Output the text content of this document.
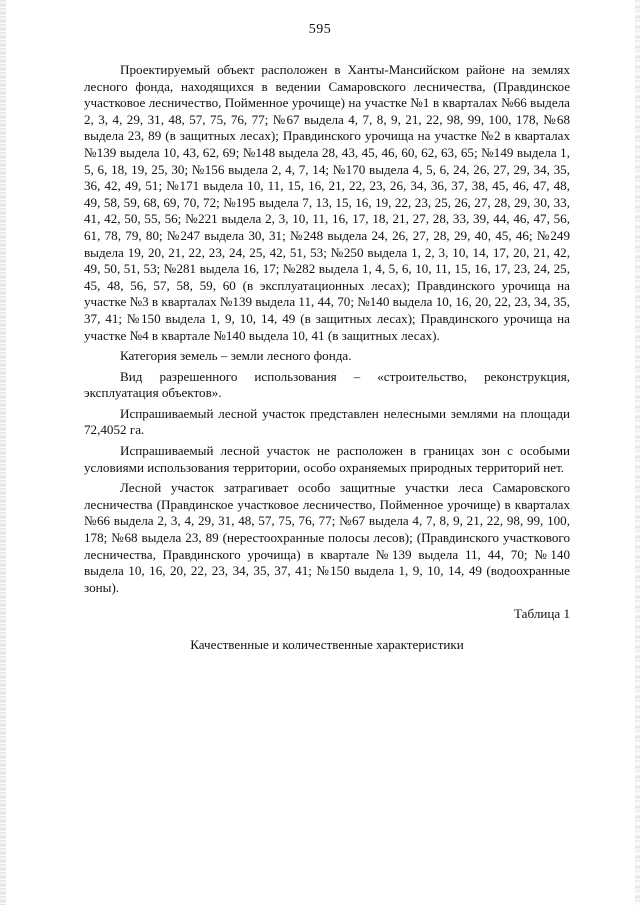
595

Проектируемый объект расположен в Ханты-Мансийском районе на землях лесного фонда, находящихся в ведении Самаровского лесничества, (Правдинское участковое лесничество, Пойменное урочище) на участке №1 в кварталах №66 выдела 2, 3, 4, 29, 31, 48, 57, 75, 76, 77; №67 выдела 4, 7, 8, 9, 21, 22, 98, 99, 100, 178, №68 выдела 23, 89 (в защитных лесах); Правдинского урочища на участке №2 в кварталах №139 выдела 10, 43, 62, 69; №148 выдела 28, 43, 45, 46, 60, 62, 63, 65; №149 выдела 1, 5, 6, 18, 19, 25, 30; №156 выдела 2, 4, 7, 14; №170 выдела 4, 5, 6, 24, 26, 27, 29, 34, 35, 36, 42, 49, 51; №171 выдела 10, 11, 15, 16, 21, 22, 23, 26, 34, 36, 37, 38, 45, 46, 47, 48, 49, 58, 59, 68, 69, 70, 72; №195 выдела 7, 13, 15, 16, 19, 22, 23, 25, 26, 27, 28, 29, 30, 33, 41, 42, 50, 55, 56; №221 выдела 2, 3, 10, 11, 16, 17, 18, 21, 27, 28, 33, 39, 44, 46, 47, 56, 61, 78, 79, 80; №247 выдела 30, 31; №248 выдела 24, 26, 27, 28, 29, 40, 45, 46; №249 выдела 19, 20, 21, 22, 23, 24, 25, 42, 51, 53; №250 выдела 1, 2, 3, 10, 14, 17, 20, 21, 42, 49, 50, 51, 53; №281 выдела 16, 17; №282 выдела 1, 4, 5, 6, 10, 11, 15, 16, 17, 23, 24, 25, 45, 48, 56, 57, 58, 59, 60 (в эксплуатационных лесах); Правдинского урочища на участке №3 в кварталах №139 выдела 11, 44, 70; №140 выдела 10, 16, 20, 22, 23, 34, 35, 37, 41; №150 выдела 1, 9, 10, 14, 49 (в защитных лесах); Правдинского урочища на участке №4 в квартале №140 выдела 10, 41 (в защитных лесах).

Категория земель – земли лесного фонда.

Вид разрешенного использования – «строительство, реконструкция, эксплуатация объектов».

Испрашиваемый лесной участок представлен нелесными землями на площади 72,4052 га.

Испрашиваемый лесной участок не расположен в границах зон с особыми условиями использования территории, особо охраняемых природных территорий нет.

Лесной участок затрагивает особо защитные участки леса Самаровского лесничества (Правдинское участковое лесничество, Пойменное урочище) в кварталах №66 выдела 2, 3, 4, 29, 31, 48, 57, 75, 76, 77; №67 выдела 4, 7, 8, 9, 21, 22, 98, 99, 100, 178; №68 выдела 23, 89 (нерестоохранные полосы лесов); (Правдинского участкового лесничества, Правдинского урочища) в квартале №139 выдела 11, 44, 70; №140 выдела 10, 16, 20, 22, 23, 34, 35, 37, 41; №150 выдела 1, 9, 10, 14, 49 (водоохранные зоны).

Таблица 1

Качественные и количественные характеристики
